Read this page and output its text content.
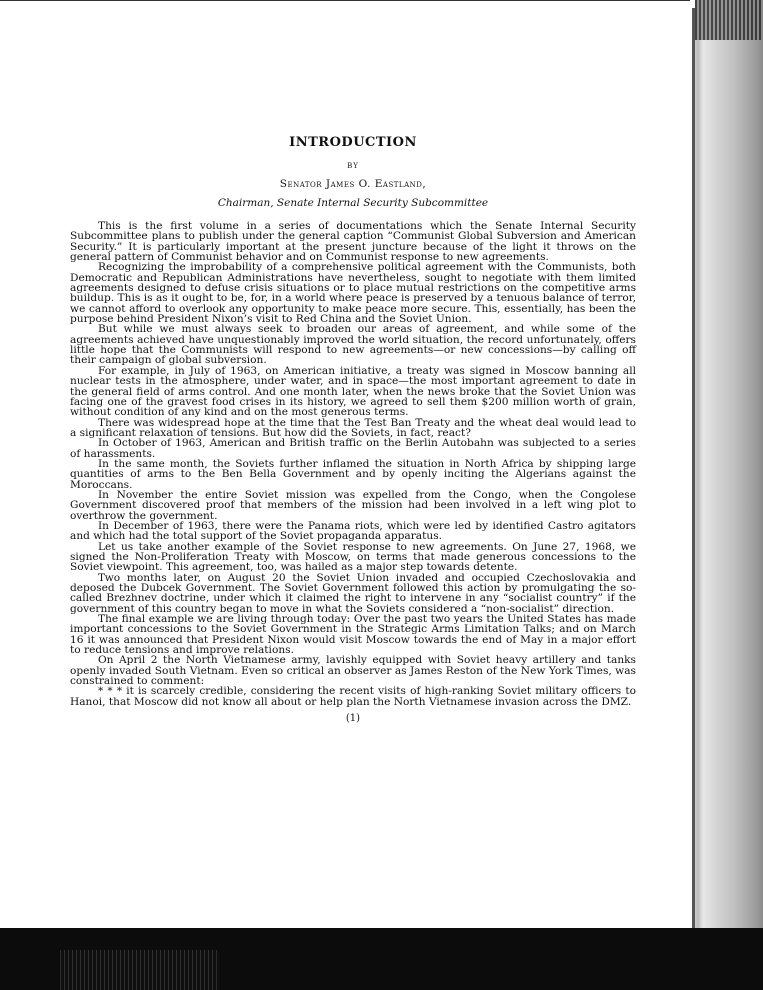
INTRODUCTION
BY
Senator James O. Eastland,
Chairman, Senate Internal Security Subcommittee

This is the first volume in a series of documentations which the Senate Internal Security Subcommittee plans to publish under the general caption “Communist Global Subversion and American Security.” It is particularly important at the present juncture because of the light it throws on the general pattern of Communist behavior and on Communist response to new agreements.

Recognizing the improbability of a comprehensive political agreement with the Communists, both Democratic and Republican Administrations have nevertheless, sought to negotiate with them limited agreements designed to defuse crisis situations or to place mutual restrictions on the competitive arms buildup. This is as it ought to be, for, in a world where peace is preserved by a tenuous balance of terror, we cannot afford to overlook any opportunity to make peace more secure. This, essentially, has been the purpose behind President Nixon’s visit to Red China and the Soviet Union.

But while we must always seek to broaden our areas of agreement, and while some of the agreements achieved have unquestionably improved the world situation, the record unfortunately, offers little hope that the Communists will respond to new agreements—or new concessions—by calling off their campaign of global subversion.

For example, in July of 1963, on American initiative, a treaty was signed in Moscow banning all nuclear tests in the atmosphere, under water, and in space—the most important agreement to date in the general field of arms control. And one month later, when the news broke that the Soviet Union was facing one of the gravest food crises in its history, we agreed to sell them $200 million worth of grain, without condition of any kind and on the most generous terms.

There was widespread hope at the time that the Test Ban Treaty and the wheat deal would lead to a significant relaxation of tensions. But how did the Soviets, in fact, react?

In October of 1963, American and British traffic on the Berlin Autobahn was subjected to a series of harassments.

In the same month, the Soviets further inflamed the situation in North Africa by shipping large quantities of arms to the Ben Bella Government and by openly inciting the Algerians against the Moroccans.

In November the entire Soviet mission was expelled from the Congo, when the Congolese Government discovered proof that members of the mission had been involved in a left wing plot to overthrow the government.

In December of 1963, there were the Panama riots, which were led by identified Castro agitators and which had the total support of the Soviet propaganda apparatus.

Let us take another example of the Soviet response to new agreements. On June 27, 1968, we signed the Non-Proliferation Treaty with Moscow, on terms that made generous concessions to the Soviet viewpoint. This agreement, too, was hailed as a major step towards detente.

Two months later, on August 20 the Soviet Union invaded and occupied Czechoslovakia and deposed the Dubcek Government. The Soviet Government followed this action by promulgating the so-called Brezhnev doctrine, under which it claimed the right to intervene in any “socialist country” if the government of this country began to move in what the Soviets considered a “non-socialist” direction.

The final example we are living through today: Over the past two years the United States has made important concessions to the Soviet Government in the Strategic Arms Limitation Talks; and on March 16 it was announced that President Nixon would visit Moscow towards the end of May in a major effort to reduce tensions and improve relations.

On April 2 the North Vietnamese army, lavishly equipped with Soviet heavy artillery and tanks openly invaded South Vietnam. Even so critical an observer as James Reston of the New York Times, was constrained to comment:

* * * it is scarcely credible, considering the recent visits of high-ranking Soviet military officers to Hanoi, that Moscow did not know all about or help plan the North Vietnamese invasion across the DMZ.

(1)
